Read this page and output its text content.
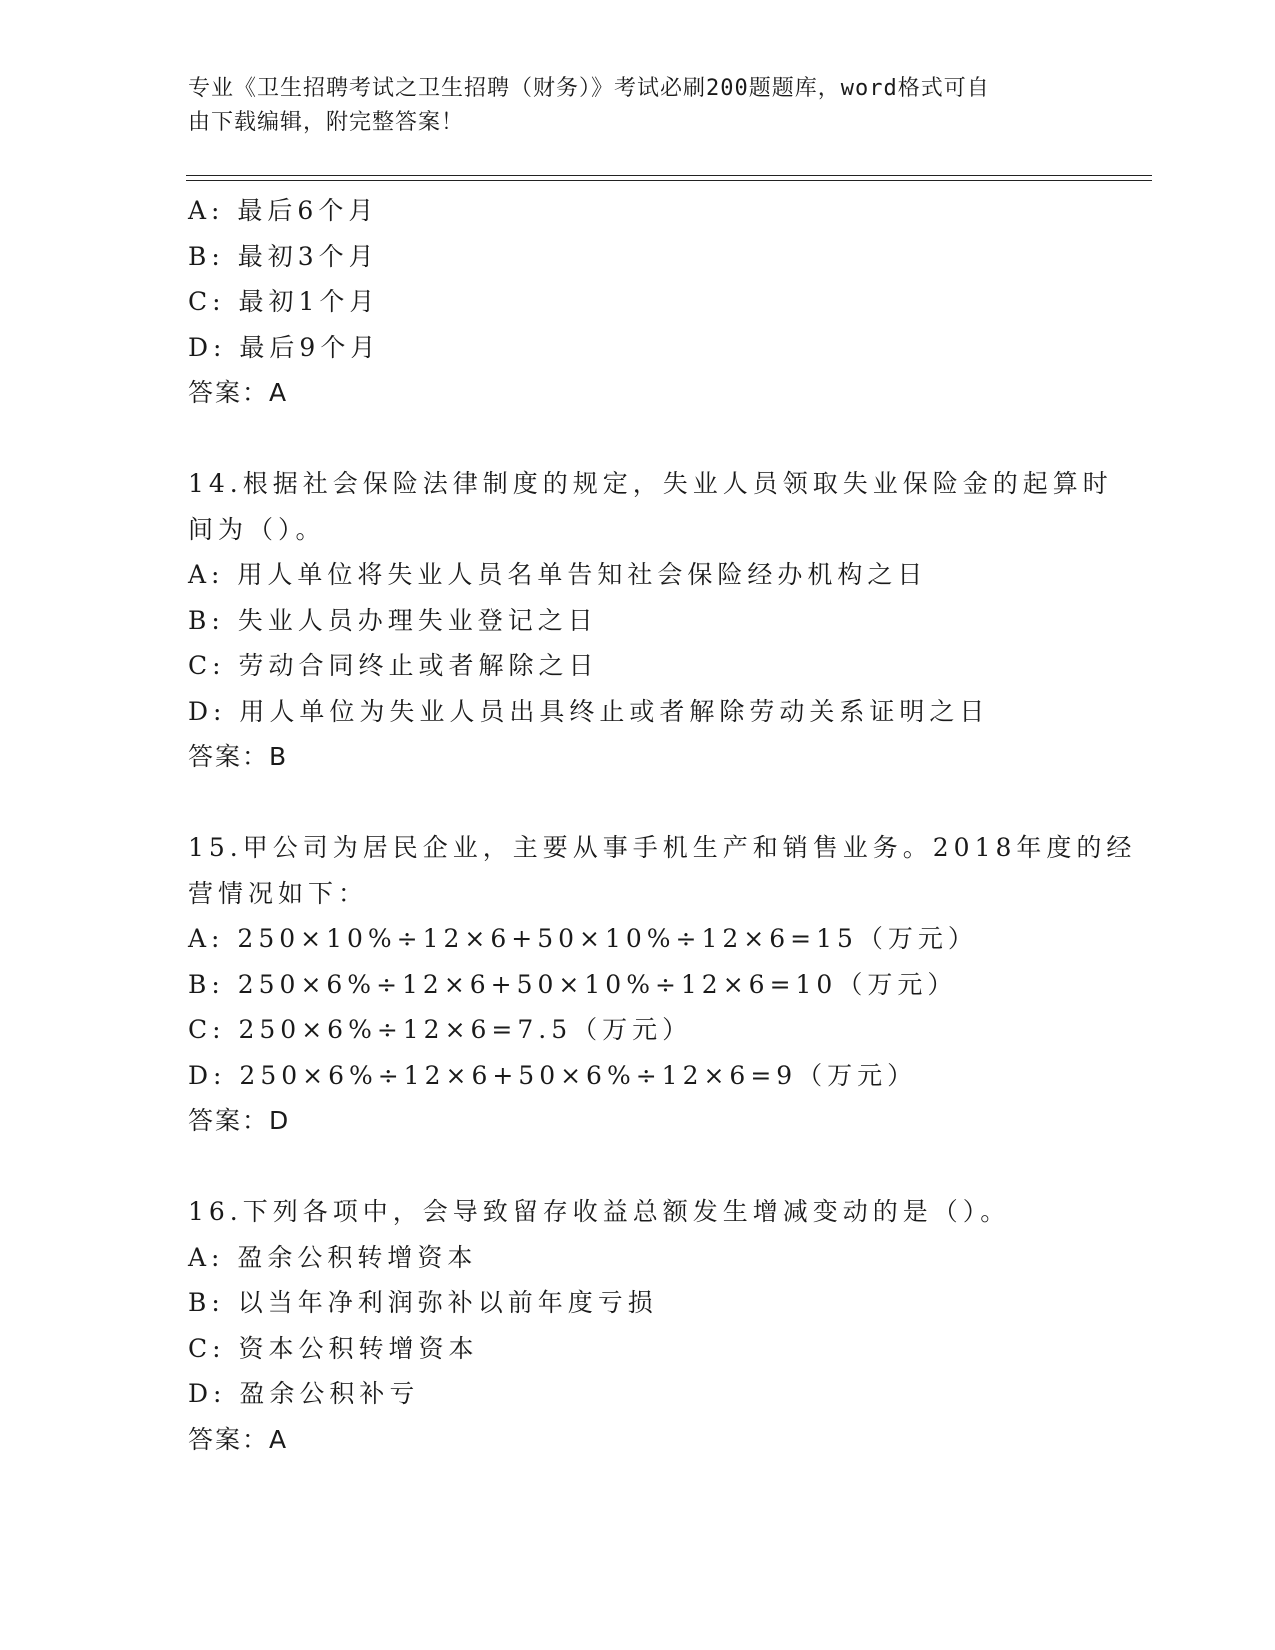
专业《卫生招聘考试之卫生招聘（财务）》考试必刷200题题库，word格式可自
由下载编辑，附完整答案！
A: 最后6个月
B: 最初3个月
C: 最初1个月
D: 最后9个月
答案：A
14.根据社会保险法律制度的规定，失业人员领取失业保险金的起算时
间为（）。
A: 用人单位将失业人员名单告知社会保险经办机构之日
B: 失业人员办理失业登记之日
C: 劳动合同终止或者解除之日
D: 用人单位为失业人员出具终止或者解除劳动关系证明之日
答案：B
15.甲公司为居民企业，主要从事手机生产和销售业务。2018年度的经
营情况如下：
A: 250×10%÷12×6+50×10%÷12×6=15（万元）
B: 250×6%÷12×6+50×10%÷12×6=10（万元）
C: 250×6%÷12×6=7.5（万元）
D: 250×6%÷12×6+50×6%÷12×6=9（万元）
答案：D
16.下列各项中，会导致留存收益总额发生增减变动的是（）。
A: 盈余公积转增资本
B: 以当年净利润弥补以前年度亏损
C: 资本公积转增资本
D: 盈余公积补亏
答案：A
